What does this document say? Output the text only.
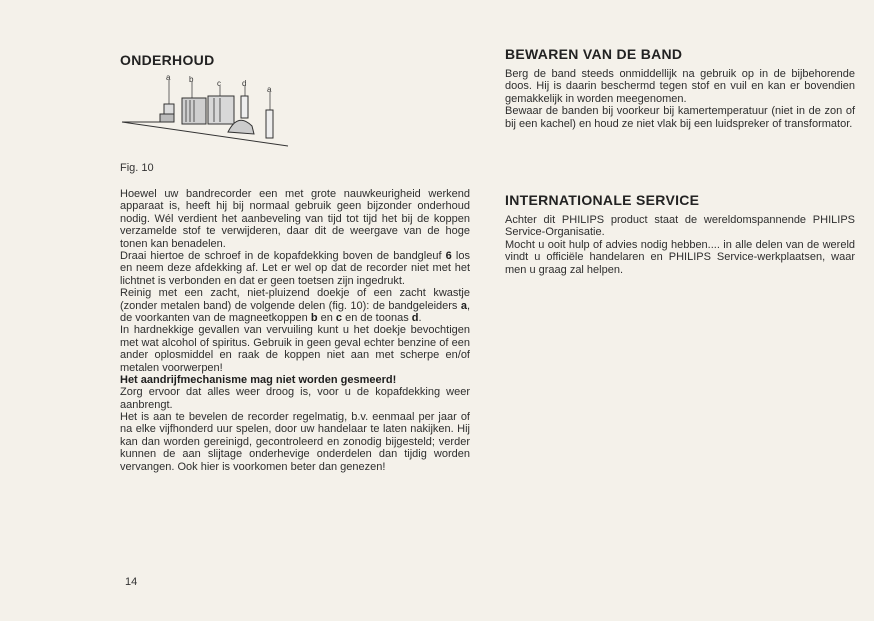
ONDERHOUD
a b	c	d
a
Fig. 10

Hoewel uw bandrecorder een met grote nauwkeurigheid werkend apparaat is, heeft hij bij normaal gebruik geen bijzonder onderhoud nodig. Wél verdient het aanbeveling van tijd tot tijd het bij de koppen verzamelde stof te verwijderen, daar dit de weergave van de hoge tonen kan benadelen.

Draai hiertoe de schroef in de kopafdekking boven de bandgleuf 6 los en neem deze afdekking af. Let er wel op dat de recorder niet met het lichtnet is verbonden en dat er geen toetsen zijn ingedrukt.

Reinig met een zacht, niet-pluizend doekje of een zacht kwastje (zonder metalen band) de volgende delen (fig. 10): de bandgeleiders a, de voorkanten van de magneetkoppen b en c en de toonas d.

In hardnekkige gevallen van vervuiling kunt u het doekje bevochtigen met wat alcohol of spiritus. Gebruik in geen geval echter benzine of een ander oplosmiddel en raak de koppen niet aan met scherpe en/of metalen voorwerpen!

Het aandrijfmechanisme mag niet worden gesmeerd!

Zorg ervoor dat alles weer droog is, voor u de kopafdekking weer aanbrengt.

Het is aan te bevelen de recorder regelmatig, b.v. eenmaal per jaar of na elke vijfhonderd uur spelen, door uw handelaar te laten nakijken. Hij kan dan worden gereinigd, gecontroleerd en zonodig bijgesteld; verder kunnen de aan slijtage onderhevige onderdelen dan tijdig worden vervangen. Ook hier is voorkomen beter dan genezen!

14
BEWAREN VAN DE BAND

Berg de band steeds onmiddellijk na gebruik op in de bijbehorende doos. Hij is daarin beschermd tegen stof en vuil en kan er bovendien gemakkelijk in worden meegenomen.

Bewaar de banden bij voorkeur bij kamertemperatuur (niet in de zon of bij een kachel) en houd ze niet vlak bij een luidspreker of transformator.

INTERNATIONALE SERVICE

Achter dit PHILIPS product staat de wereldomspannende PHILIPS Service-Organisatie.

Mocht u ooit hulp of advies nodig hebben.... in alle delen van de wereld vindt u officiële handelaren en PHILIPS Service-werkplaatsen, waar men u graag zal helpen.
